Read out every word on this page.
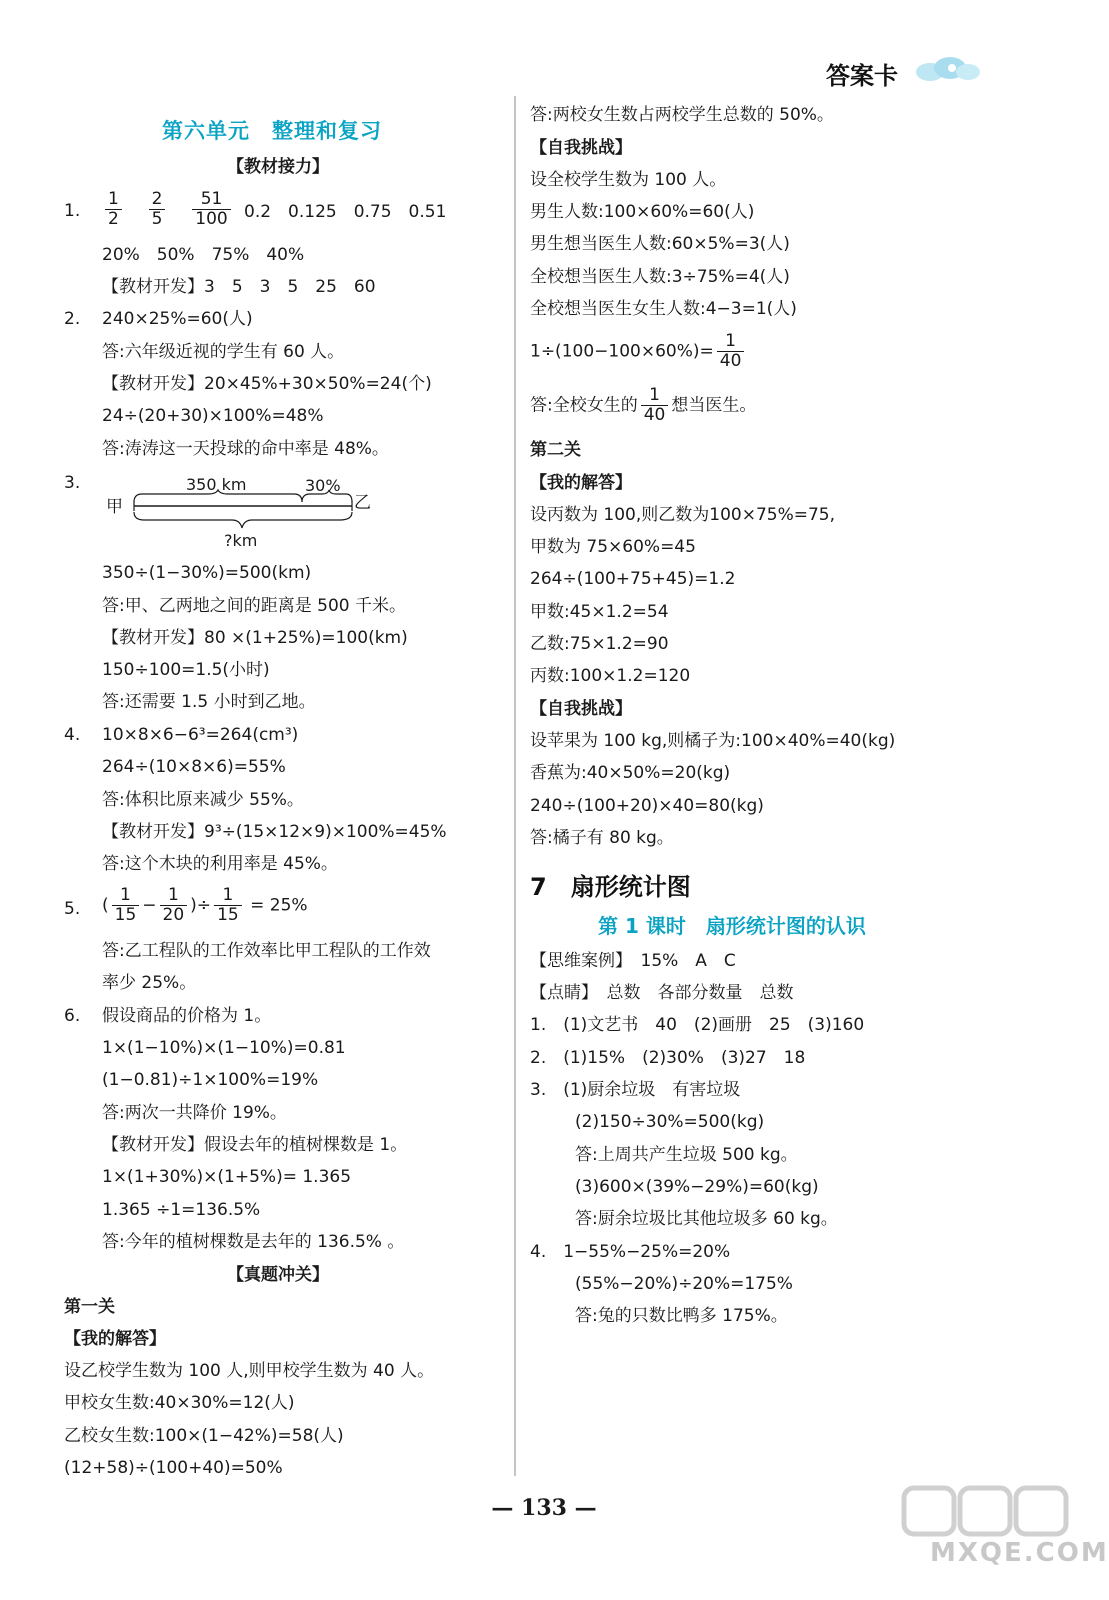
答案卡
第六单元　整理和复习
【教材接力】
1. $\frac{1}{2}$
$\frac{2}{5}$
$\frac{51}{100} 0.2$　0.125　0.75　0.51
20%　50%　75%　40%
【教材开发】3　5　3　5　25　60
2. 240×25%=60(人)
答:六年级近视的学生有 60 人。
【教材开发】20×45%+30×50%=24(个)
24÷(20+30)×100%=48%
答:涛涛这一天投球的命中率是 48%。
3.
甲	乙
350 km	30%
?km
350÷(1−30%)=500(km)
答:甲、乙两地之间的距离是 500 千米。
【教材开发】80 ×(1+25%)=100(km)
150÷100=1.5(小时)
答:还需要 1.5 小时到乙地。
4. 10×8×6−6³=264(cm³)
264÷(10×8×6)=55%
答:体积比原来减少 55%。
【教材开发】9³÷(15×12×9)×100%=45%
答:这个木块的利用率是 45%。
5. ( $\frac{1}{15} - \frac{1}{20}$ )÷ $\frac{1}{15} = 25\%$
答:乙工程队的工作效率比甲工程队的工作效
率少 25%。
6. 假设商品的价格为 1。
1×(1−10%)×(1−10%)=0.81
(1−0.81)÷1×100%=19%
答:两次一共降价 19%。
【教材开发】假设去年的植树棵数是 1。
1×(1+30%)×(1+5%)= 1.365
1.365 ÷1=136.5%
答:今年的植树棵数是去年的 136.5% 。
【真题冲关】
第一关
【我的解答】
设乙校学生数为 100 人,则甲校学生数为 40 人。
甲校女生数:40×30%=12(人)
乙校女生数:100×(1−42%)=58(人)
(12+58)÷(100+40)=50%
答:两校女生数占两校学生总数的 50%。
【自我挑战】
设全校学生数为 100 人。
男生人数:100×60%=60(人)
男生想当医生人数:60×5%=3(人)
全校想当医生人数:3÷75%=4(人)
全校想当医生女生人数:4−3=1(人)
$1\div(100-100\times 60\%)= \frac{1}{40}$
答:全校女生的 $\frac{1}{40}$ 想当医生。
第二关
【我的解答】
设丙数为 100,则乙数为100×75%=75,
甲数为 75×60%=45
264÷(100+75+45)=1.2
甲数:45×1.2=54
乙数:75×1.2=90
丙数:100×1.2=120
【自我挑战】
设苹果为 100 kg,则橘子为:100×40%=40(kg)
香蕉为:40×50%=20(kg)
240÷(100+20)×40=80(kg)
答:橘子有 80 kg。
7　扇形统计图
第 1 课时　扇形统计图的认识
【思维案例】　15%　A　C
【点睛】　总数　各部分数量　总数
1.　(1)文艺书　40　(2)画册　25　(3)160
2.　(1)15%　(2)30%　(3)27　18
3.　(1)厨余垃圾　有害垃圾
(2)150÷30%=500(kg)
答:上周共产生垃圾 500 kg。
(3)600×(39%−29%)=60(kg)
答:厨余垃圾比其他垃圾多 60 kg。
4.　1−55%−25%=20%
(55%−20%)÷20%=175%
答:兔的只数比鸭多 175%。
— 133 —
MXQE.COM
